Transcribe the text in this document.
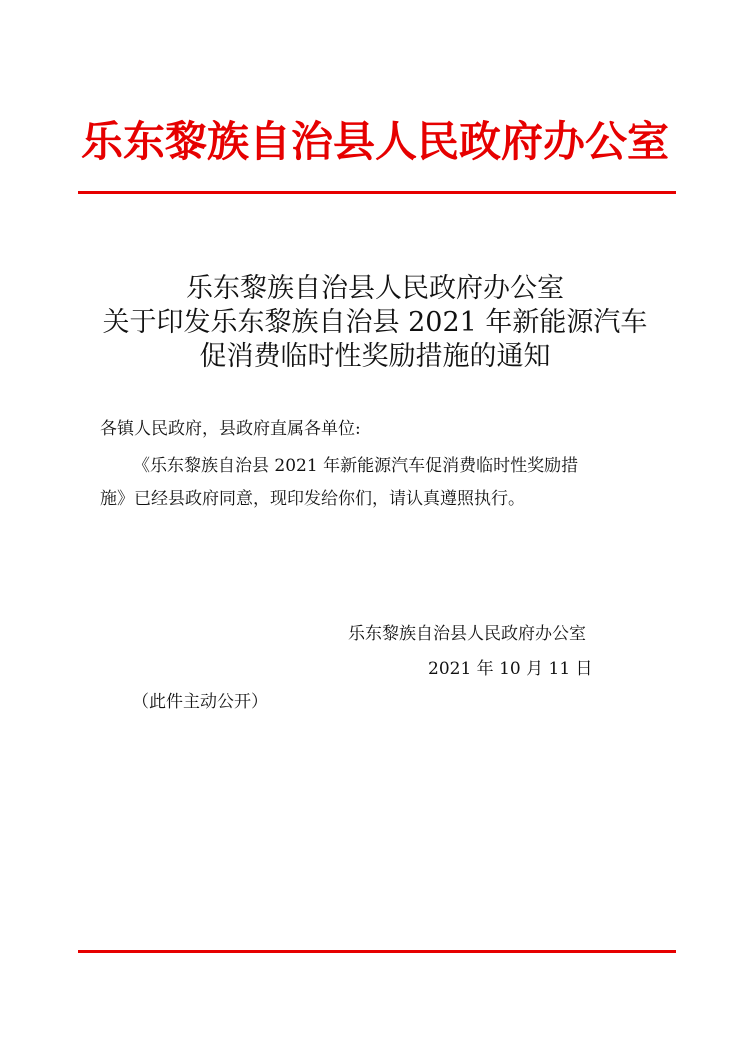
乐东黎族自治县人民政府办公室
乐东黎族自治县人民政府办公室
关于印发乐东黎族自治县 2021 年新能源汽车
促消费临时性奖励措施的通知
各镇人民政府，县政府直属各单位:
《乐东黎族自治县 2021 年新能源汽车促消费临时性奖励措
施》已经县政府同意，现印发给你们，请认真遵照执行。
乐东黎族自治县人民政府办公室
2021 年 10 月 11 日
（此件主动公开）
